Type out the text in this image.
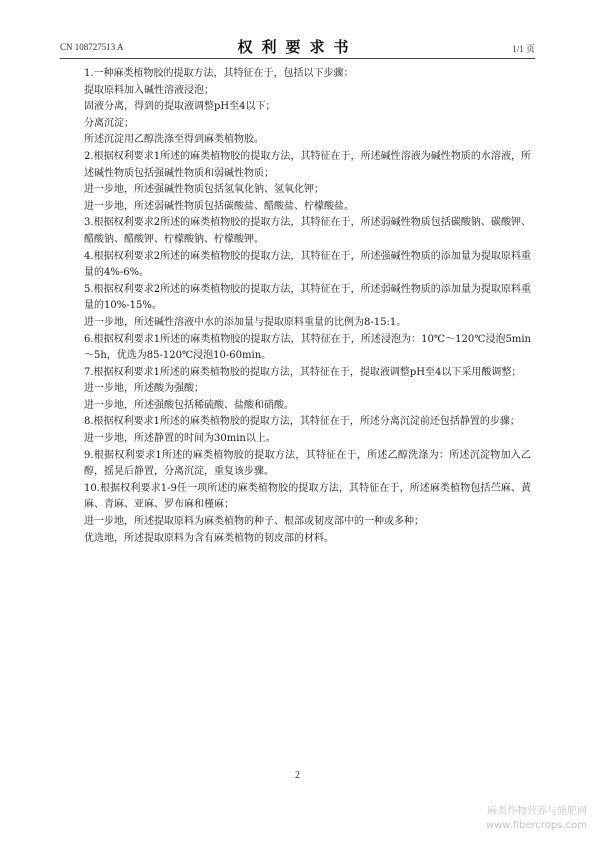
CN 108727513 A	权利要求书	1/1 页

1.一种麻类植物胶的提取方法，其特征在于，包括以下步骤：

提取原料加入碱性溶液浸泡；

固液分离，得到的提取液调整pH至4以下；

分离沉淀；

所述沉淀用乙醇洗涤至得到麻类植物胶。

2.根据权利要求1所述的麻类植物胶的提取方法，其特征在于，所述碱性溶液为碱性物质的水溶液，所述碱性物质包括强碱性物质和弱碱性物质；

进一步地，所述强碱性物质包括氢氧化钠、氢氧化钾；

进一步地，所述弱碱性物质包括碳酸盐、醋酸盐、柠檬酸盐。

3.根据权利要求2所述的麻类植物胶的提取方法，其特征在于，所述弱碱性物质包括碳酸钠、碳酸钾、醋酸钠、醋酸钾、柠檬酸钠、柠檬酸钾。

4.根据权利要求2所述的麻类植物胶的提取方法，其特征在于，所述强碱性物质的添加量为提取原料重量的4%-6%。

5.根据权利要求2所述的麻类植物胶的提取方法，其特征在于，所述弱碱性物质的添加量为提取原料重量的10%-15%。

进一步地，所述碱性溶液中水的添加量与提取原料重量的比例为8-15:1。

6.根据权利要求1所述的麻类植物胶的提取方法，其特征在于，所述浸泡为：10℃～120℃浸泡5min～5h，优选为85-120℃浸泡10-60min。

7.根据权利要求1所述的麻类植物胶的提取方法，其特征在于，提取液调整pH至4以下采用酸调整；

进一步地，所述酸为强酸；

进一步地，所述强酸包括稀硫酸、盐酸和硝酸。

8.根据权利要求1所述的麻类植物胶的提取方法，其特征在于，所述分离沉淀前还包括静置的步骤；

进一步地，所述静置的时间为30min以上。

9.根据权利要求1所述的麻类植物胶的提取方法，其特征在于，所述乙醇洗涤为：所述沉淀物加入乙醇，摇晃后静置，分离沉淀，重复该步骤。

10.根据权利要求1-9任一项所述的麻类植物胶的提取方法，其特征在于，所述麻类植物包括苎麻、黄麻、青麻、亚麻、罗布麻和槿麻；

进一步地，所述提取原料为麻类植物的种子、根部或韧皮部中的一种或多种；

优选地，所述提取原料为含有麻类植物的韧皮部的材料。

2
麻类作物营养与施肥网
www.fibercrops.com
